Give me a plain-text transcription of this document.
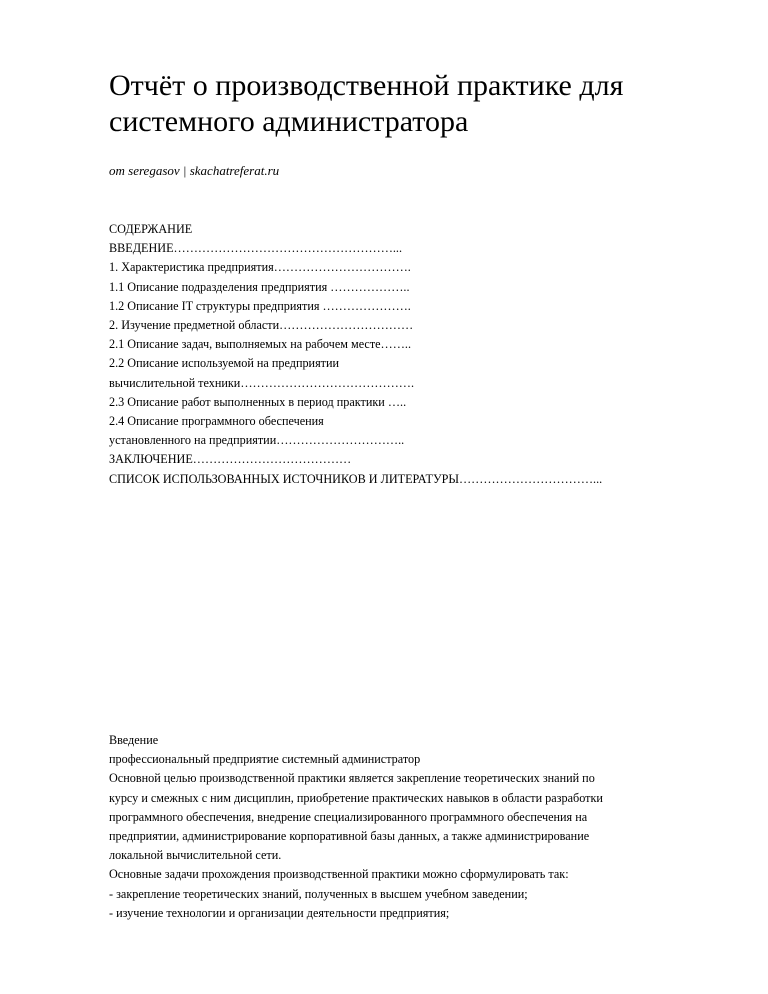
Отчёт о производственной практике для
системного администратора
от seregasov | skachatreferat.ru
СОДЕРЖАНИЕ
ВВЕДЕНИЕ………………………………………………...
1. Характеристика предприятия…………………………….
1.1 Описание подразделения предприятия ………………..
1.2 Описание IT структуры предприятия ………………….
2. Изучение предметной области……………………………
2.1 Описание задач, выполняемых на рабочем месте……..
2.2 Описание используемой на предприятии
вычислительной техники…………………………………….
2.3 Описание работ выполненных в период практики …..
2.4 Описание программного обеспечения
установленного на предприятии…………………………..
ЗАКЛЮЧЕНИЕ…………………………………
СПИСОК ИСПОЛЬЗОВАННЫХ ИСТОЧНИКОВ И ЛИТЕРАТУРЫ……………………………...
Введение
профессиональный предприятие системный администратор
Основной целью производственной практики является закрепление теоретических знаний по
курсу и смежных с ним дисциплин, приобретение практических навыков в области разработки
программного обеспечения, внедрение специализированного программного обеспечения на
предприятии, администрирование корпоративной базы данных, а также администрирование
локальной вычислительной сети.
Основные задачи прохождения производственной практики можно сформулировать так:
- закрепление теоретических знаний, полученных в высшем учебном заведении;
- изучение технологии и организации деятельности предприятия;
